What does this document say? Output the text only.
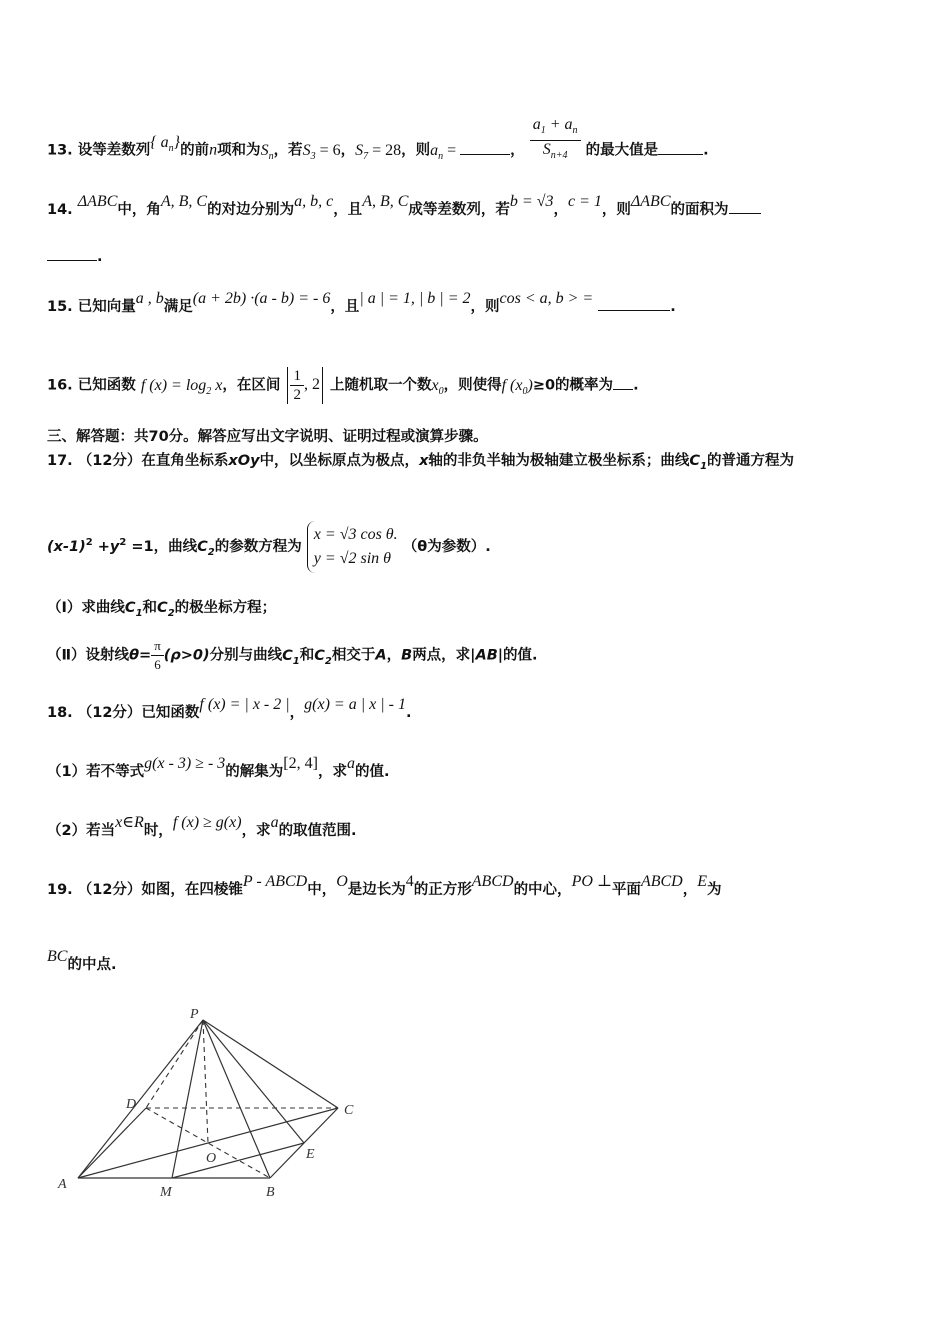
13. 设等差数列{ $a_n$}的前n项和为$S_n$，若$S_3 = 6$，$S_7 = 28$，则$a_n$ =	， $\frac{a_1 + a_n}{S_{n+4}}$ 的最大值是	.
14. ΔABC中，角A, B, C的对边分别为a, b, c，且A, B, C成等差数列，若b = √3，c = 1，则ΔABC的面积为
.
15. 已知向量a , b满足(a + 2b) ·(a - b) = - 6，且| a | = 1, | b | = 2，则cos < a, b > =	.
16. 已知函数 f $(x) = \log_2 x$，在区间 $\frac{1}{2}$ , 2 上随机取一个数$x_0$，则使得f $(x_0)\ge 0$的概率为 .
三、解答题：共70分。解答应写出文字说明、证明过程或演算步骤。
17. （12分）在直角坐标系xOy中，以坐标原点为极点，x轴的非负半轴为极轴建立极坐标系；曲线$C_1$的普通方程为
$(x-1)^2 +y^2 =1$，曲线$C_2$的参数方程为 x = √3 cos θ.
y = √2 sin θ （θ为参数）.
（Ⅰ）求曲线$C_1$和$C_2$的极坐标方程；
（Ⅱ）设射线$\theta= \frac{\pi}{6} (\rho>0)$分别与曲线$C_1$和$C_2$相交于A，B两点，求|AB|的值.
18. （12分）已知函数f (x) = | x - 2 |，g(x) = a | x | - 1.
（1）若不等式g(x - 3) ≥ - 3的解集为[2, 4]，求a的值.
（2）若当x∈R时，f (x) ≥ g(x)，求a的取值范围.
19. （12分）如图，在四棱锥P - ABCD中，O是边长为4的正方形ABCD的中心，PO ⊥平面ABCD，E为
BC的中点.
P
D	C
O	E
A
M	B
